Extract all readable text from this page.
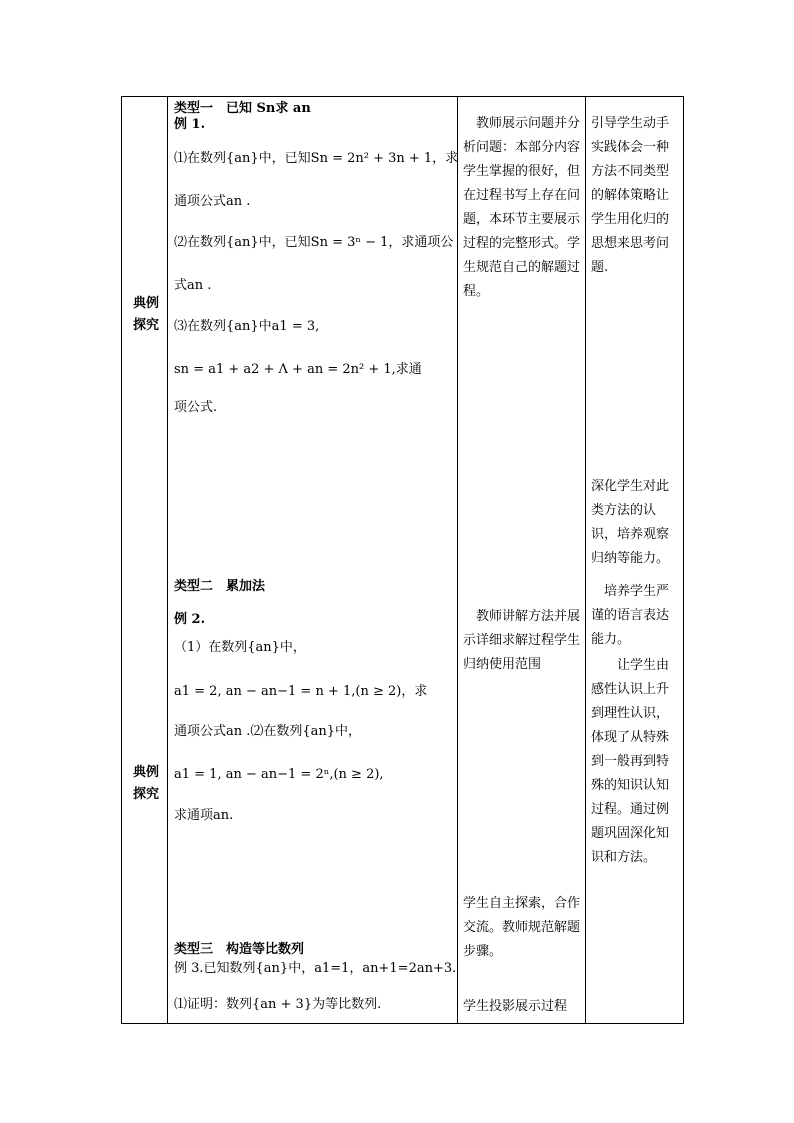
典例
探究
典例
探究
类型一　已知 Sn求 an
例 1.
⑴在数列{an}中，已知Sn = 2n² + 3n + 1，求
通项公式an .
⑵在数列{an}中，已知Sn = 3ⁿ − 1，求通项公
式an .
⑶在数列{an}中a1 = 3,
sn = a1 + a2 + Λ + an = 2n² + 1,求通
项公式.
类型二　累加法
例 2.
（1）在数列{an}中，
a1 = 2, an − an−1 = n + 1,(n ≥ 2)，求
通项公式an .⑵在数列{an}中，
a1 = 1, an − an−1 = 2ⁿ,(n ≥ 2),
求通项an.
类型三　构造等比数列
例 3.已知数列{an}中，a1=1，an+1=2an+3.
⑴证明：数列{an + 3}为等比数列.
　教师展示问题并分析问题：本部分内容学生掌握的很好，但在过程书写上存在问题，本环节主要展示过程的完整形式。学生规范自己的解题过程。
　教师讲解方法并展示详细求解过程学生归纳使用范围
学生自主探索，合作交流。教师规范解题步骤。
学生投影展示过程
引导学生动手实践体会一种方法不同类型的解体策略让学生用化归的思想来思考问题.
深化学生对此类方法的认识，培养观察归纳等能力。
　培养学生严谨的语言表达能力。
　　让学生由感性认识上升到理性认识，体现了从特殊到一般再到特殊的知识认知过程。通过例题巩固深化知识和方法。
